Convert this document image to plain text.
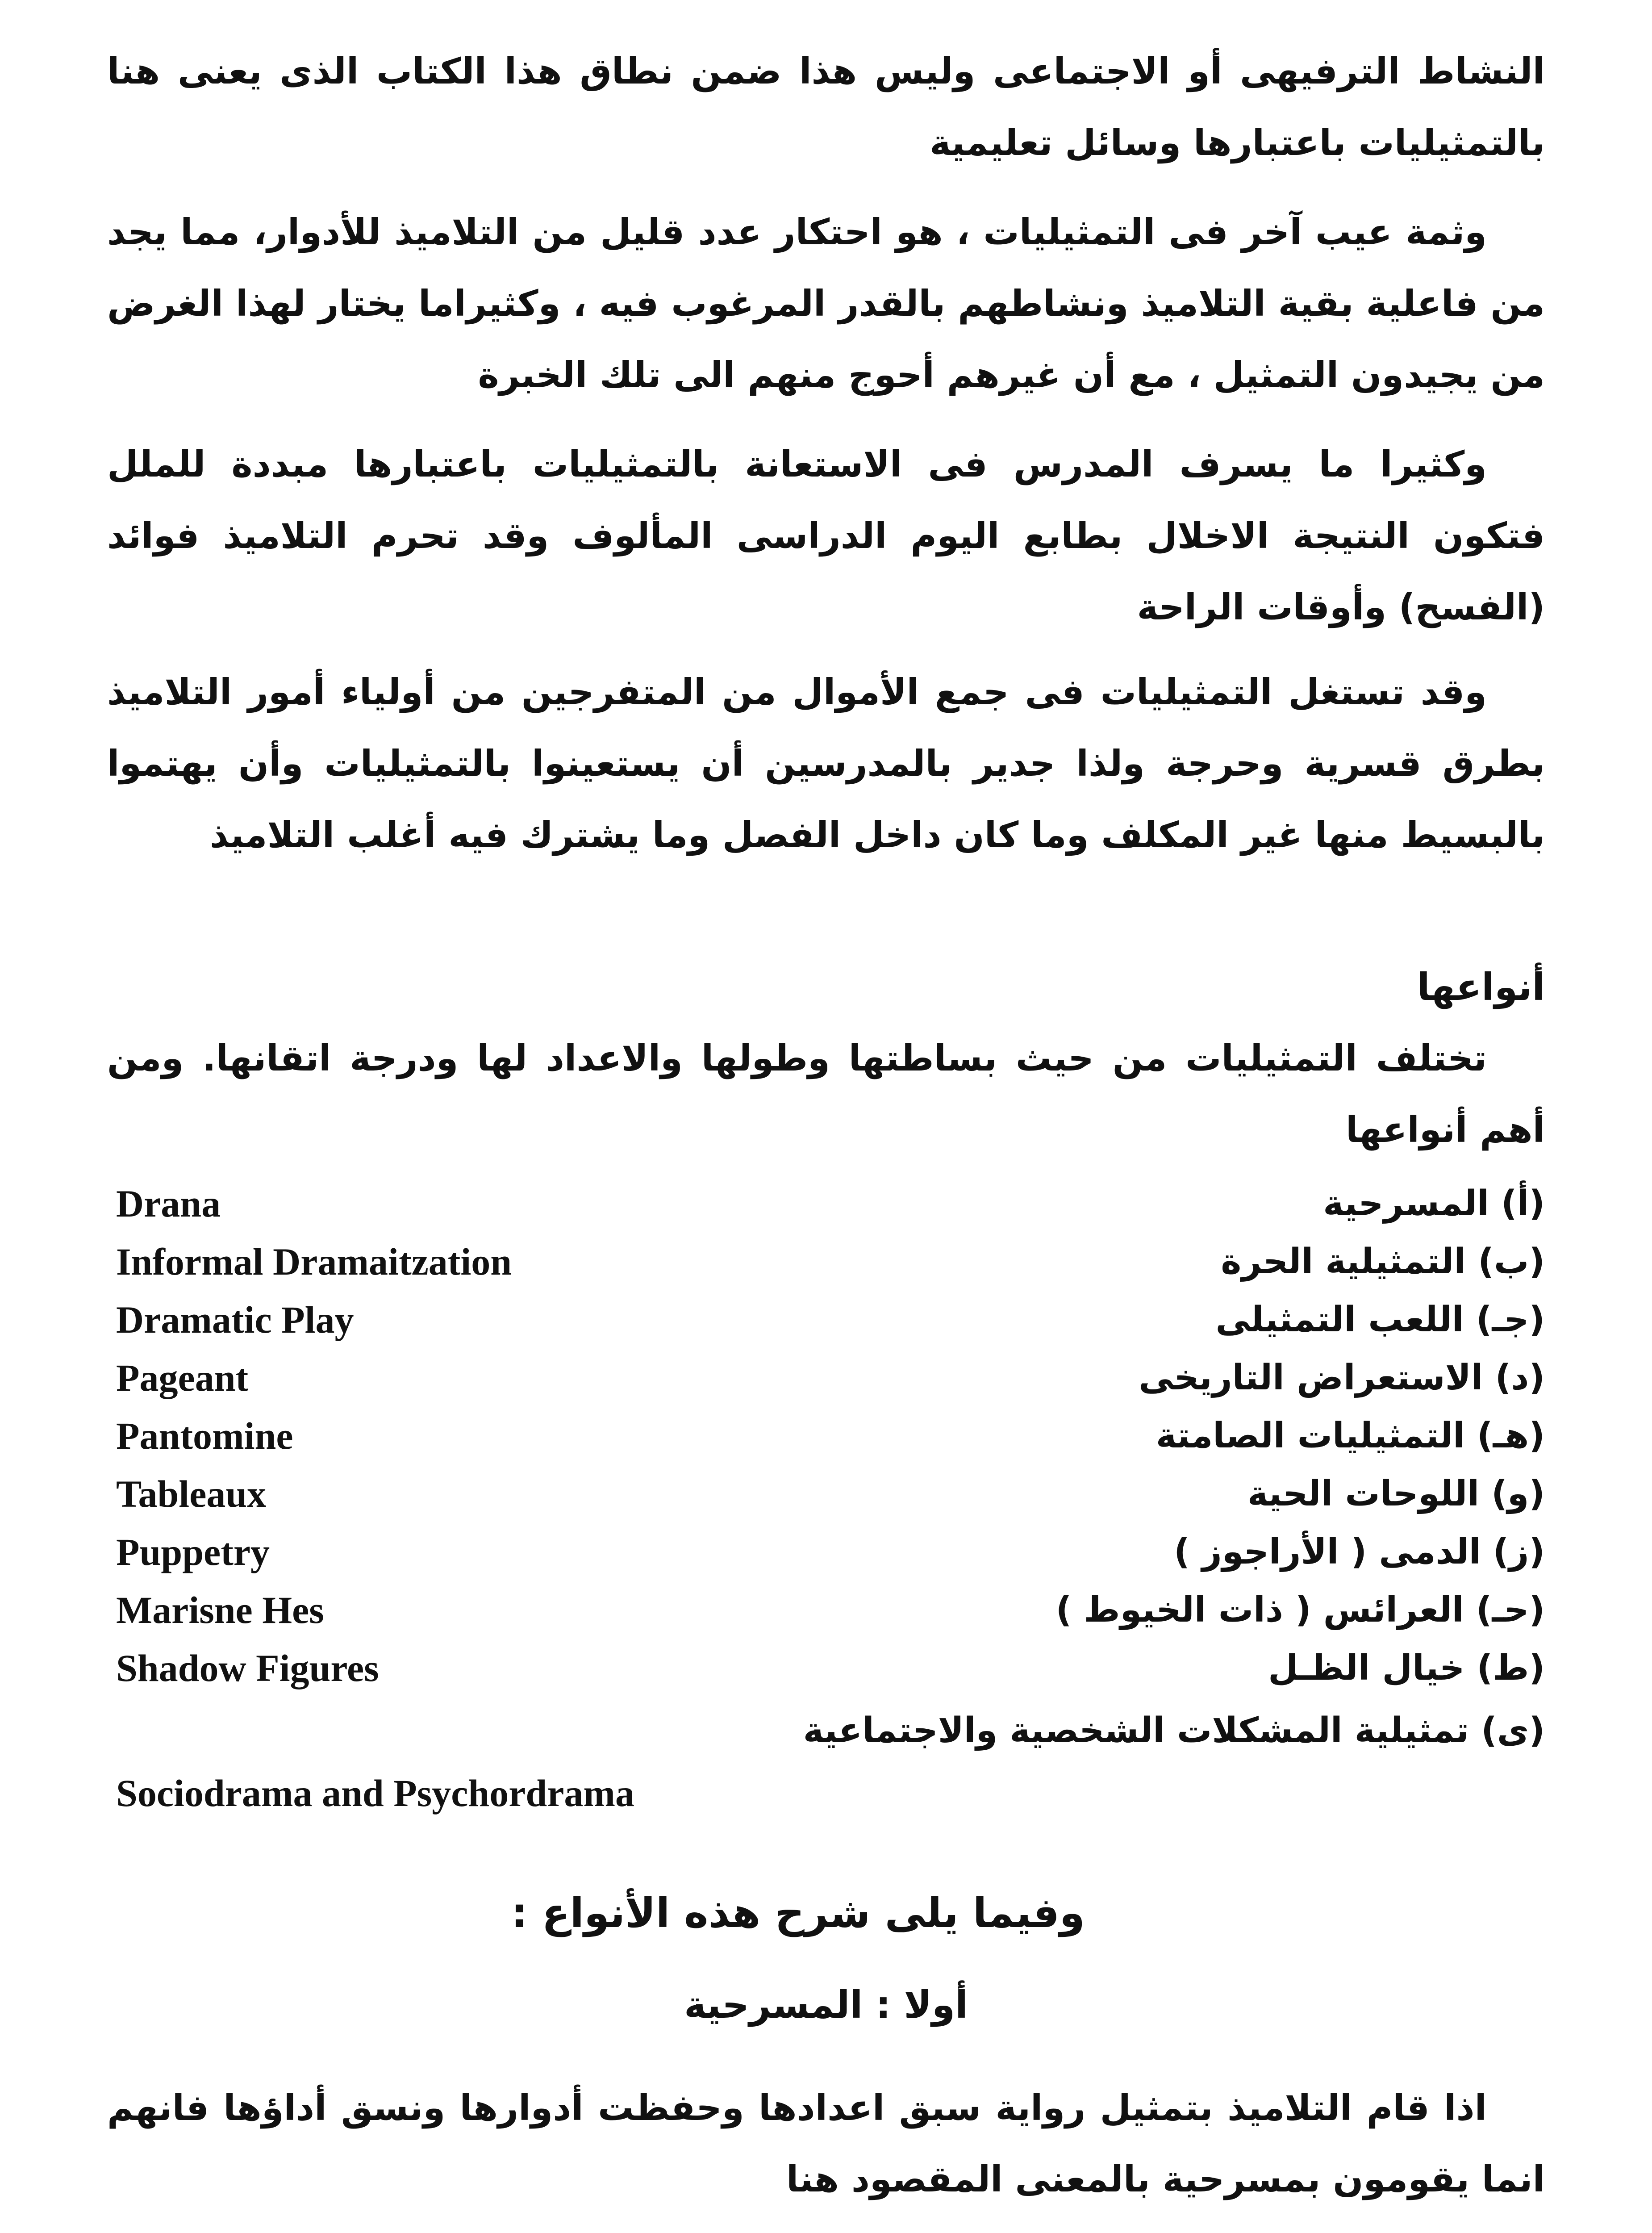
النشاط الترفيهى أو الاجتماعى وليس هذا ضمن نطاق هذا الكتاب الذى يعنى هنا بالتمثيليات باعتبارها وسائل تعليمية

وثمة عيب آخر فى التمثيليات ، هو احتكار عدد قليل من التلاميذ للأدوار، مما يجد من فاعلية بقية التلاميذ ونشاطهم بالقدر المرغوب فيه ، وكثيراما يختار لهذا الغرض من يجيدون التمثيل ، مع أن غيرهم أحوج منهم الى تلك الخبرة

وكثيرا ما يسرف المدرس فى الاستعانة بالتمثيليات باعتبارها مبددة للملل فتكون النتيجة الاخلال بطابع اليوم الدراسى المألوف وقد تحرم التلاميذ فوائد (الفسح) وأوقات الراحة

وقد تستغل التمثيليات فى جمع الأموال من المتفرجين من أولياء أمور التلاميذ بطرق قسرية وحرجة ولذا جدير بالمدرسين أن يستعينوا بالتمثيليات وأن يهتموا بالبسيط منها غير المكلف وما كان داخل الفصل وما يشترك فيه أغلب التلاميذ

أنواعها

تختلف التمثيليات من حيث بساطتها وطولها والاعداد لها ودرجة اتقانها. ومن أهم أنواعها

(أ) المسرحية
Drana
(ب) التمثيلية الحرة
Informal Dramaitzation
(جـ) اللعب التمثيلى
Dramatic Play
(د) الاستعراض التاريخى
Pageant
(هـ) التمثيليات الصامتة
Pantomine
(و) اللوحات الحية
Tableaux
(ز) الدمى ( الأراجوز )
Puppetry
(حـ) العرائس ( ذات الخيوط )
Marisne Hes
(ط) خيال الظـل
Shadow Figures
(ى) تمثيلية المشكلات الشخصية والاجتماعية
Sociodrama and Psychordrama
وفيما يلى شرح هذه الأنواع :
أولا : المسرحية

اذا قام التلاميذ بتمثيل رواية سبق اعدادها وحفظت أدوارها ونسق أداؤها فانهم انما يقومون بمسرحية بالمعنى المقصود هنا
